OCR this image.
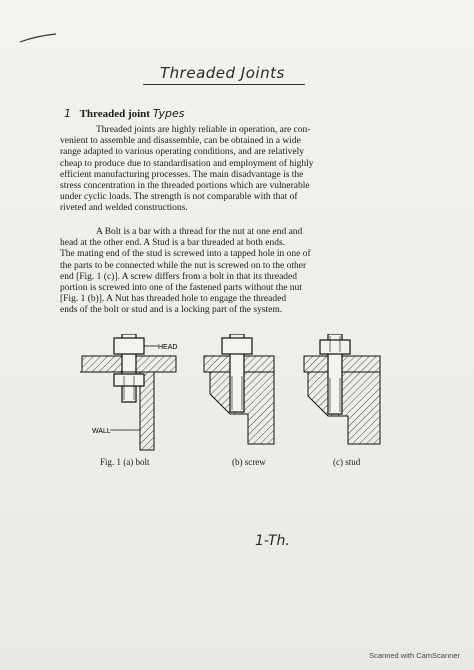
Threaded Joints
1 Threaded joint Types
Threaded joints are highly reliable in operation, are con-
venient to assemble and disassemble, can be obtained in a wide
range adapted to various operating conditions, and are relatively
cheap to produce due to standardisation and employment of highly
efficient manufacturing processes. The main disadvantage is the
stress concentration in the threaded portions which are vulnerable
under cyclic loads. The strength is not comparable with that of
riveted and welded constructions.
A Bolt is a bar with a thread for the nut at one end and
head at the other end. A Stud is a bar threaded at both ends.
The mating end of the stud is screwed into a tapped hole in one of
the parts to be connected while the nut is screwed on to the other
end [Fig. 1 (c)]. A screw differs from a bolt in that its threaded
portion is screwed into one of the fastened parts without the nut
[Fig. 1 (b)]. A Nut has threaded hole to engage the threaded
ends of the bolt or stud and is a locking part of the system.
HEAD
WALL
Fig. 1 (a) bolt	(b) screw	(c) stud
1-Th.
Scanned with CamScanner
